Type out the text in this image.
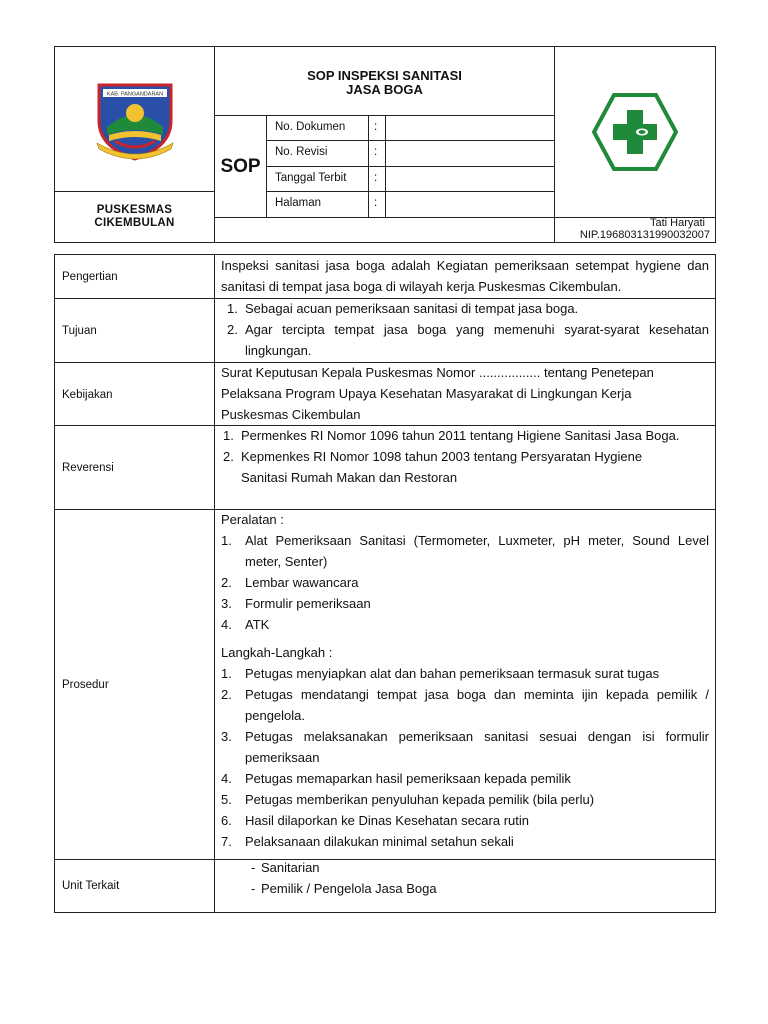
KAB. PANGANDARAN
PUSKESMAS
CIKEMBULAN
SOP INSPEKSI SANITASI
JASA BOGA
SOP
No. Dokumen	:
No. Revisi	:
Tanggal Terbit	:
Halaman	:
Tati Haryati
NIP.196803131990032007
Pengertian
Inspeksi sanitasi jasa boga adalah Kegiatan pemeriksaan setempat hygiene dan sanitasi di tempat jasa boga di wilayah kerja Puskesmas Cikembulan.
Tujuan
1. Sebagai acuan pemeriksaan sanitasi di tempat jasa boga.
2. Agar tercipta tempat jasa boga yang memenuhi syarat-syarat kesehatan lingkungan.
Kebijakan
Surat Keputusan Kepala Puskesmas Nomor ................. tentang Penetepan Pelaksana Program Upaya Kesehatan Masyarakat di Lingkungan Kerja Puskesmas Cikembulan
Reverensi
1. Permenkes RI Nomor 1096 tahun 2011 tentang Higiene Sanitasi Jasa Boga.
2. Kepmenkes RI Nomor 1098 tahun 2003 tentang Persyaratan Hygiene Sanitasi Rumah Makan dan Restoran
Prosedur
Peralatan :
1.	Alat Pemeriksaan Sanitasi (Termometer, Luxmeter, pH meter, Sound Level meter, Senter)
2.	Lembar wawancara
3.	Formulir pemeriksaan
4.	ATK
Langkah-Langkah :
1.	Petugas menyiapkan alat dan bahan pemeriksaan termasuk surat tugas
2.	Petugas mendatangi tempat jasa boga dan meminta ijin kepada pemilik / pengelola.
3.	Petugas melaksanakan pemeriksaan sanitasi sesuai dengan isi formulir pemeriksaan
4.	Petugas memaparkan hasil pemeriksaan kepada pemilik
5.	Petugas memberikan penyuluhan kepada pemilik (bila perlu)
6.	Hasil dilaporkan ke Dinas Kesehatan secara rutin
7.	Pelaksanaan dilakukan minimal setahun sekali
Unit Terkait
- Sanitarian
- Pemilik / Pengelola Jasa Boga
